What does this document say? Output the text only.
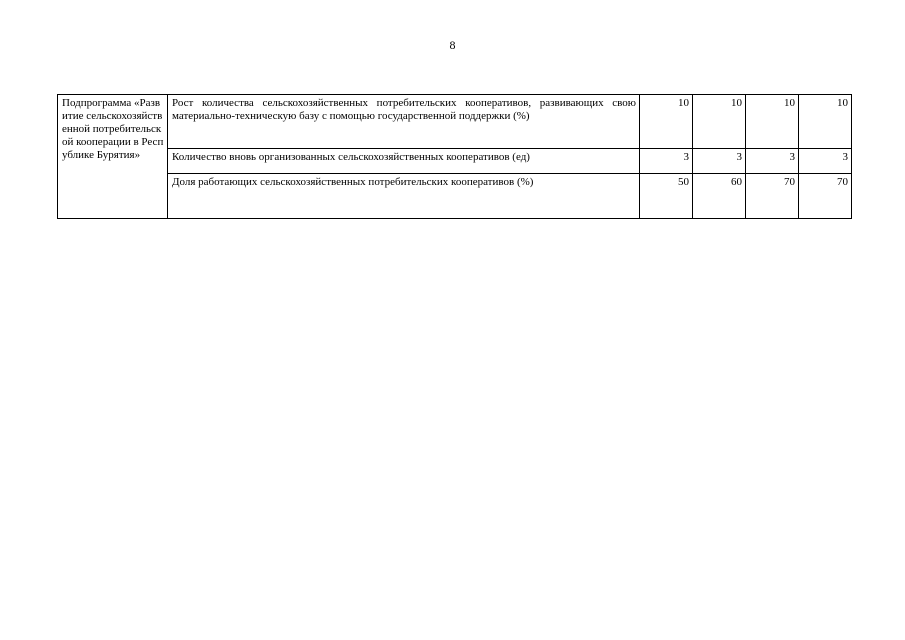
8
Подпрограмма «Развитие сельскохозяйственной потребительской кооперации в Республике Бурятия»	Рост количества сельскохозяйственных потребительских кооперативов, развивающих свою материально-техническую базу с помощью государственной поддержки (%)	10	10	10	10
	Количество вновь организованных сельскохозяйственных кооперативов (ед)	3	3	3	3
	Доля работающих сельскохозяйственных потребительских кооперативов (%)	50	60	70	70
